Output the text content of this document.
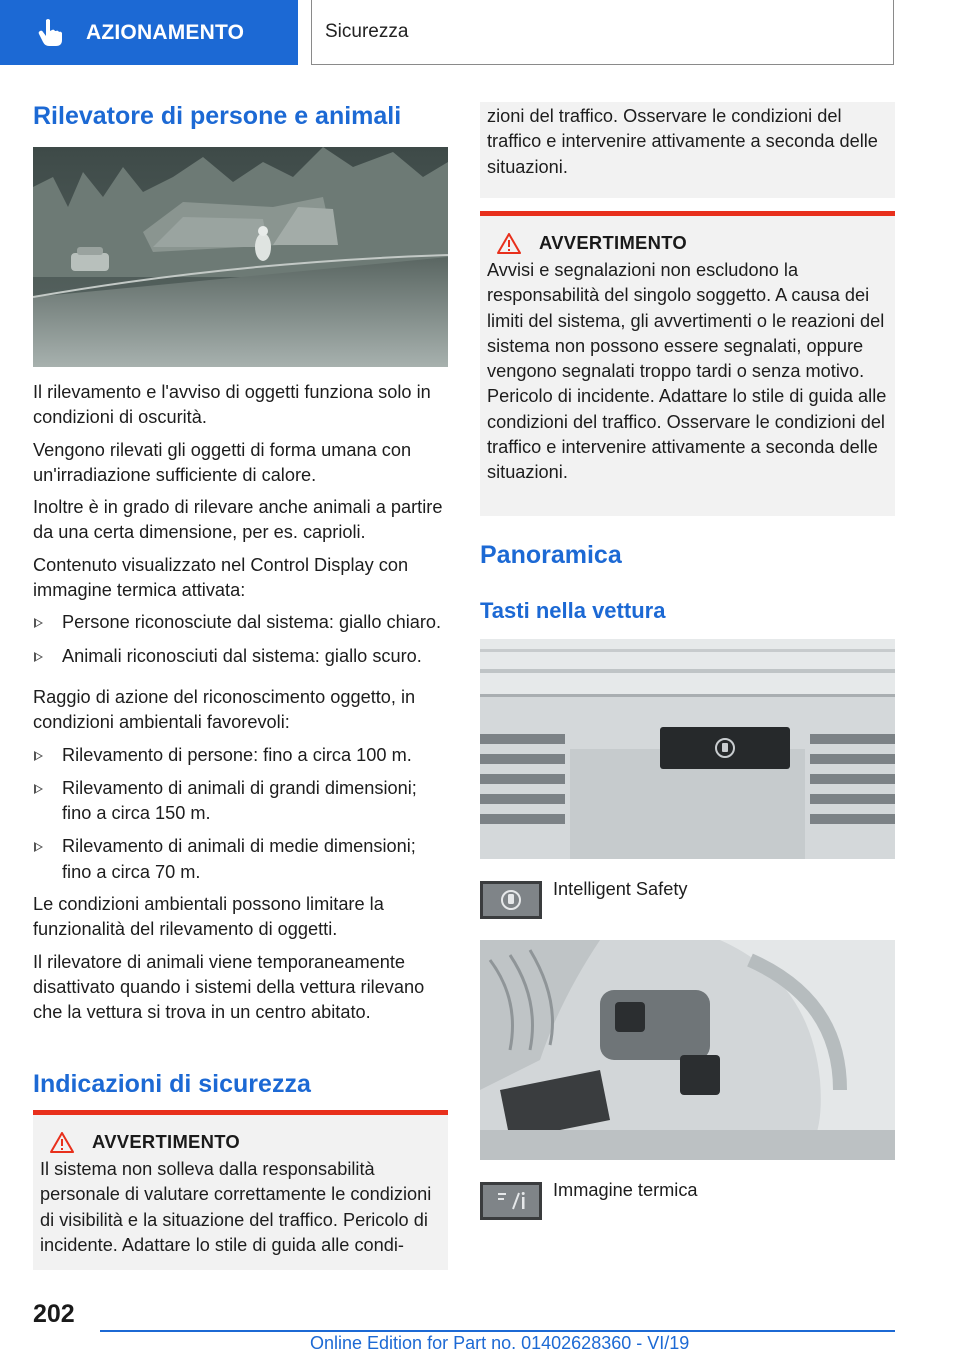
AZIONAMENTO	Sicurezza
Rilevatore di persone e animali

Il rilevamento e l'avviso di oggetti funziona solo in condizioni di oscurità.

Vengono rilevati gli oggetti di forma umana con un'irradiazione sufficiente di calore.

Inoltre è in grado di rilevare anche animali a partire da una certa dimensione, per es. caprioli.

Contenuto visualizzato nel Control Display con immagine termica attivata:

Persone riconosciute dal sistema: giallo chiaro.
Animali riconosciuti dal sistema: giallo scuro.

Raggio di azione del riconoscimento oggetto, in condizioni ambientali favorevoli:

Rilevamento di persone: fino a circa 100 m.
Rilevamento di animali di grandi dimensioni; fino a circa 150 m.
Rilevamento di animali di medie dimensioni; fino a circa 70 m.

Le condizioni ambientali possono limitare la funzionalità del rilevamento di oggetti.

Il rilevatore di animali viene temporaneamente disattivato quando i sistemi della vettura rilevano che la vettura si trova in un centro abitato.

Indicazioni di sicurezza
AVVERTIMENTO

Il sistema non solleva dalla responsabilità personale di valutare correttamente le condizioni di visibilità e la situazione del traffico. Pericolo di incidente. Adattare lo stile di guida alle condi-

zioni del traffico. Osservare le condizioni del traffico e intervenire attivamente a seconda delle situazioni.

AVVERTIMENTO

Avvisi e segnalazioni non escludono la responsabilità del singolo soggetto. A causa dei limiti del sistema, gli avvertimenti o le reazioni del sistema non possono essere segnalati, oppure vengono segnalati troppo tardi o senza motivo. Pericolo di incidente. Adattare lo stile di guida alle condizioni del traffico. Osservare le condizioni del traffico e intervenire attivamente a seconda delle situazioni.

Panoramica
Tasti nella vettura
Intelligent Safety
Immagine termica
202
Online Edition for Part no. 01402628360 - VI/19
